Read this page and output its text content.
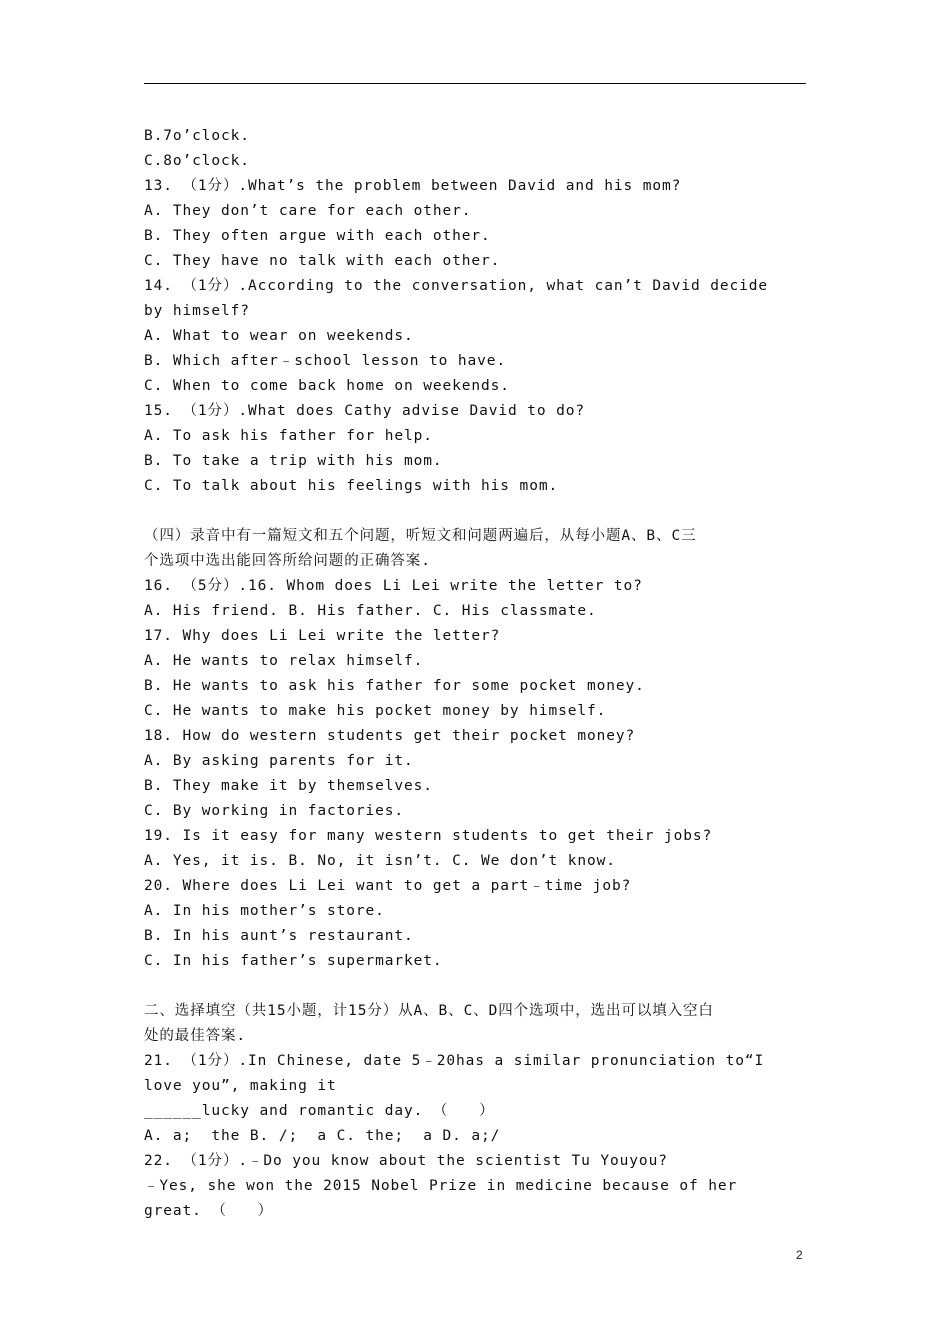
B.7o’clock.
C.8o’clock.
13. （1分）.What’s the problem between David and his mom?
A. They don’t care for each other.
B. They often argue with each other.
C. They have no talk with each other.
14. （1分）.According to the conversation, what can’t David decide
by himself?
A. What to wear on weekends.
B. Which after﹣school lesson to have.
C. When to come back home on weekends.
15. （1分）.What does Cathy advise David to do?
A. To ask his father for help.
B. To take a trip with his mom.
C. To talk about his feelings with his mom.
（四）录音中有一篇短文和五个问题，听短文和问题两遍后，从每小题A、B、C三
个选项中选出能回答所给问题的正确答案.
16. （5分）.16. Whom does Li Lei write the letter to?
A. His friend. B. His father. C. His classmate.
17. Why does Li Lei write the letter?
A. He wants to relax himself.
B. He wants to ask his father for some pocket money.
C. He wants to make his pocket money by himself.
18. How do western students get their pocket money?
A. By asking parents for it.
B. They make it by themselves.
C. By working in factories.
19. Is it easy for many western students to get their jobs?
A. Yes, it is. B. No, it isn’t. C. We don’t know.
20. Where does Li Lei want to get a part﹣time job?
A. In his mother’s store.
B. In his aunt’s restaurant.
C. In his father’s supermarket.
二、选择填空（共15小题，计15分）从A、B、C、D四个选项中，选出可以填入空白
处的最佳答案.
21. （1分）.In Chinese, date 5﹣20has a similar pronunciation to“I
love you”, making it
______lucky and romantic day. （　　）
A. a;  the B. /;  a C. the;  a D. a;/
22. （1分）.﹣Do you know about the scientist Tu Youyou?
﹣Yes, she won the 2015 Nobel Prize in medicine because of her
great. （　　）
2
